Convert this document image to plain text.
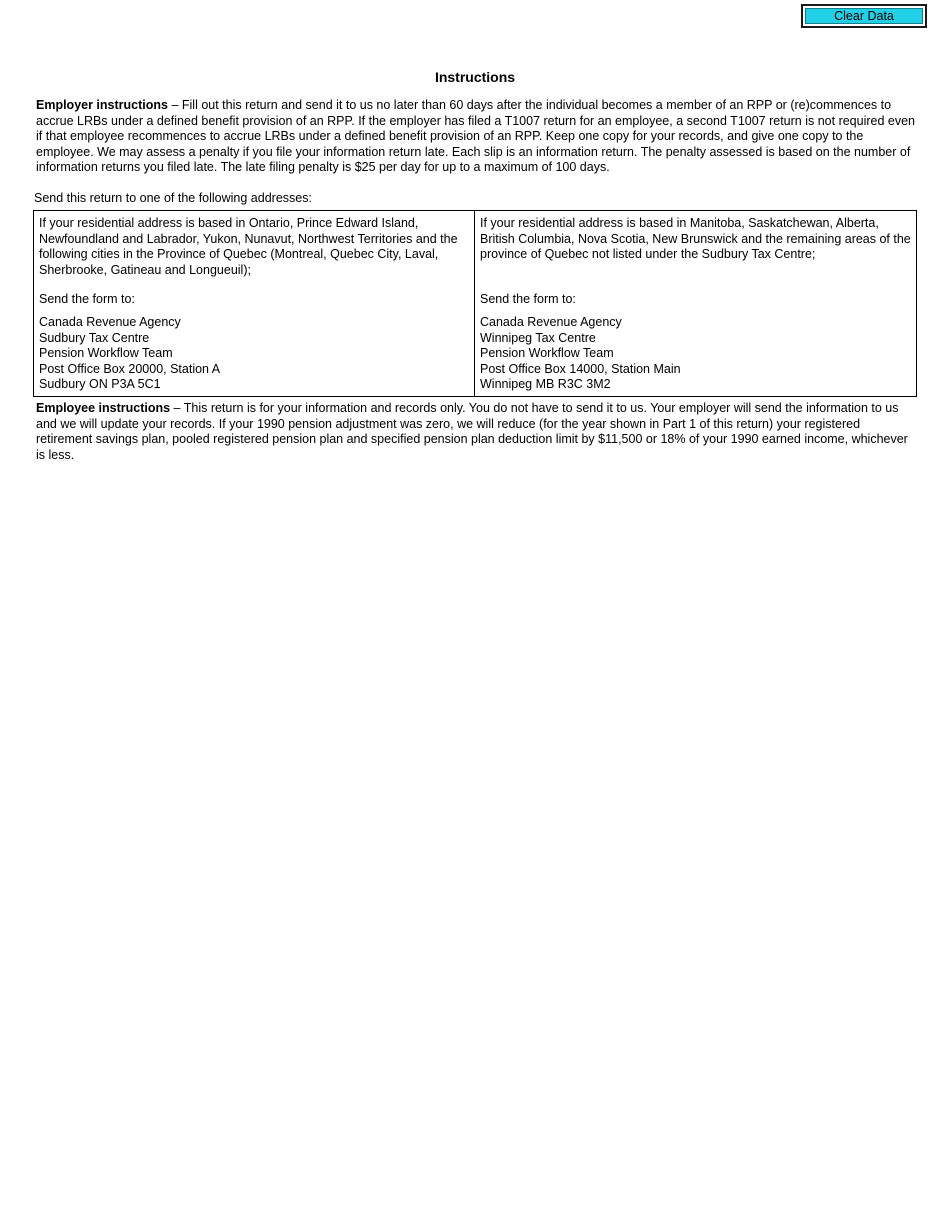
Clear Data
Instructions
Employer instructions – Fill out this return and send it to us no later than 60 days after the individual becomes a member of an RPP or (re)commences to accrue LRBs under a defined benefit provision of an RPP. If the employer has filed a T1007 return for an employee, a second T1007 return is not required even if that employee recommences to accrue LRBs under a defined benefit provision of an RPP. Keep one copy for your records, and give one copy to the employee. We may assess a penalty if you file your information return late. Each slip is an information return. The penalty assessed is based on the number of information returns you filed late. The late filing penalty is $25 per day for up to a maximum of 100 days.
Send this return to one of the following addresses:
If your residential address is based in Ontario, Prince Edward Island, Newfoundland and Labrador, Yukon, Nunavut, Northwest Territories and the following cities in the Province of Quebec (Montreal, Quebec City, Laval, Sherbrooke, Gatineau and Longueuil);
Send the form to:
Canada Revenue Agency
Sudbury Tax Centre
Pension Workflow Team
Post Office Box 20000, Station A
Sudbury ON P3A 5C1
If your residential address is based in Manitoba, Saskatchewan, Alberta, British Columbia, Nova Scotia, New Brunswick and the remaining areas of the province of Quebec not listed under the Sudbury Tax Centre;
Send the form to:
Canada Revenue Agency
Winnipeg Tax Centre
Pension Workflow Team
Post Office Box 14000, Station Main
Winnipeg MB R3C 3M2
Employee instructions – This return is for your information and records only. You do not have to send it to us. Your employer will send the information to us and we will update your records. If your 1990 pension adjustment was zero, we will reduce (for the year shown in Part 1 of this return) your registered retirement savings plan, pooled registered pension plan and specified pension plan deduction limit by $11,500 or 18% of your 1990 earned income, whichever is less.
